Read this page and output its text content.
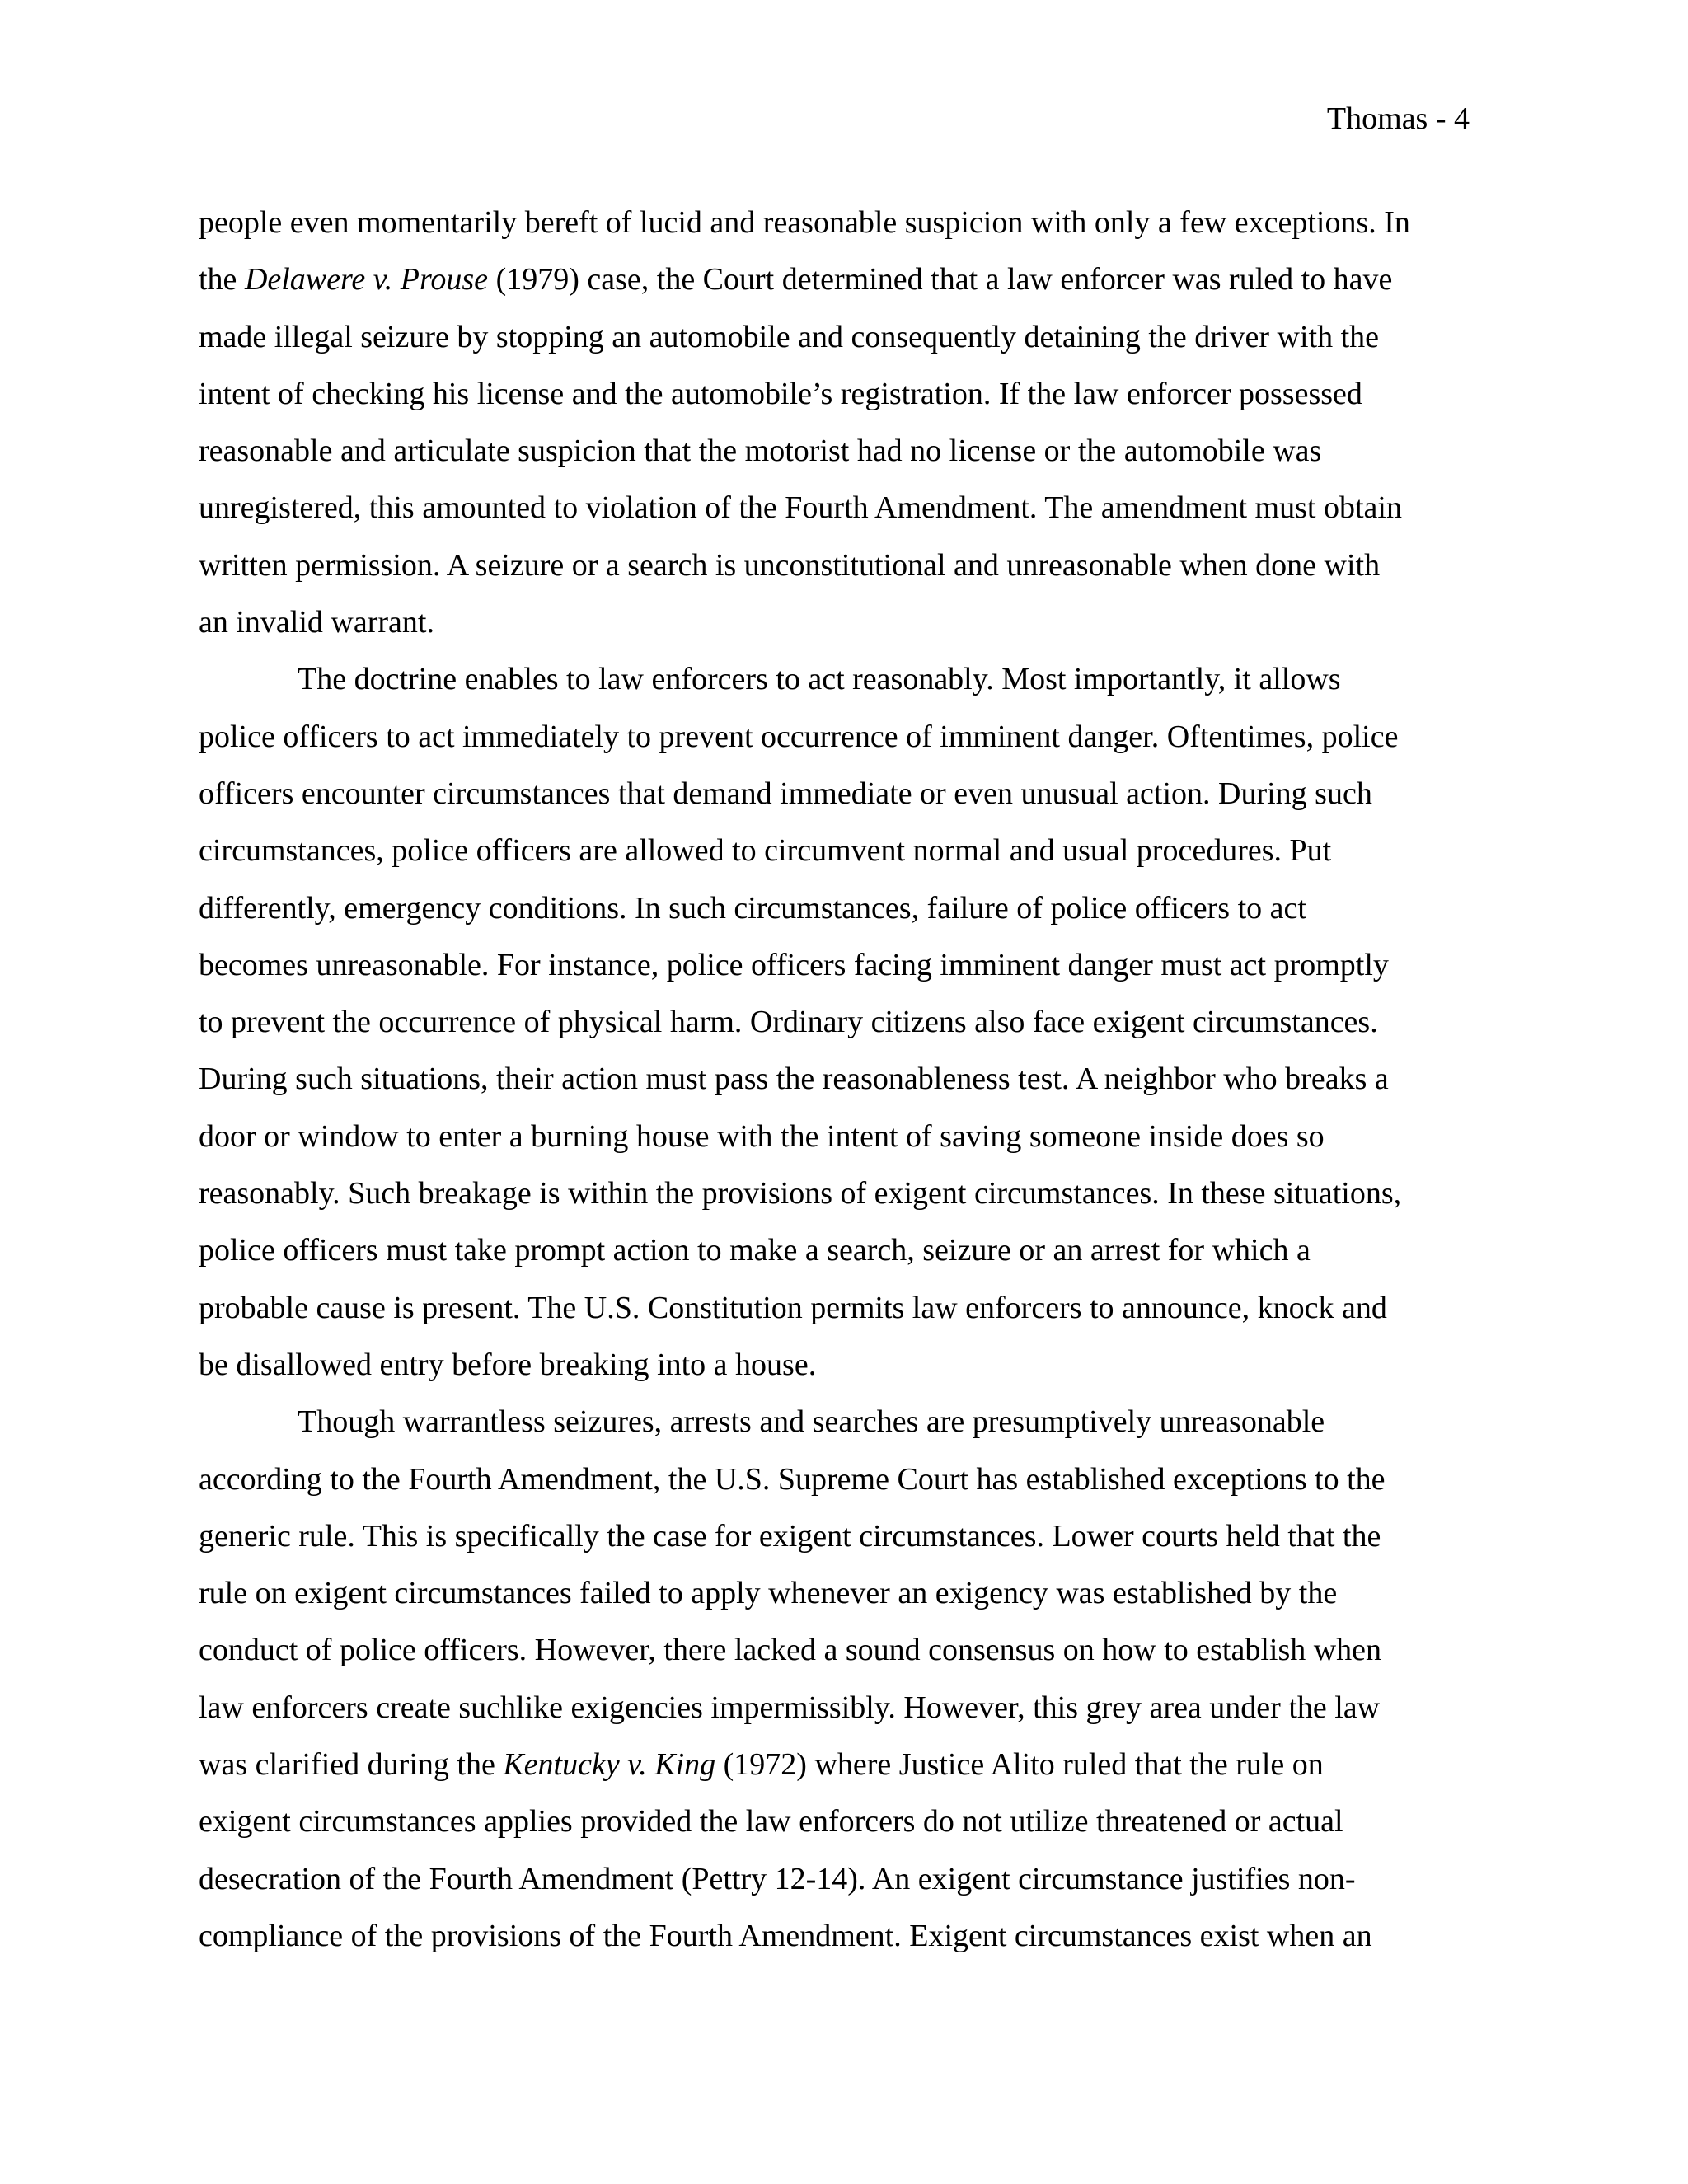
Thomas - 4
people even momentarily bereft of lucid and reasonable suspicion with only a few exceptions. In
the Delawere v. Prouse (1979) case, the Court determined that a law enforcer was ruled to have
made illegal seizure by stopping an automobile and consequently detaining the driver with the
intent of checking his license and the automobile’s registration. If the law enforcer possessed
reasonable and articulate suspicion that the motorist had no license or the automobile was
unregistered, this amounted to violation of the Fourth Amendment. The amendment must obtain
written permission. A seizure or a search is unconstitutional and unreasonable when done with
an invalid warrant.
The doctrine enables to law enforcers to act reasonably. Most importantly, it allows
police officers to act immediately to prevent occurrence of imminent danger. Oftentimes, police
officers encounter circumstances that demand immediate or even unusual action. During such
circumstances, police officers are allowed to circumvent normal and usual procedures. Put
differently, emergency conditions. In such circumstances, failure of police officers to act
becomes unreasonable. For instance, police officers facing imminent danger must act promptly
to prevent the occurrence of physical harm. Ordinary citizens also face exigent circumstances.
During such situations, their action must pass the reasonableness test. A neighbor who breaks a
door or window to enter a burning house with the intent of saving someone inside does so
reasonably. Such breakage is within the provisions of exigent circumstances. In these situations,
police officers must take prompt action to make a search, seizure or an arrest for which a
probable cause is present. The U.S. Constitution permits law enforcers to announce, knock and
be disallowed entry before breaking into a house.
Though warrantless seizures, arrests and searches are presumptively unreasonable
according to the Fourth Amendment, the U.S. Supreme Court has established exceptions to the
generic rule. This is specifically the case for exigent circumstances. Lower courts held that the
rule on exigent circumstances failed to apply whenever an exigency was established by the
conduct of police officers. However, there lacked a sound consensus on how to establish when
law enforcers create suchlike exigencies impermissibly. However, this grey area under the law
was clarified during the Kentucky v. King (1972) where Justice Alito ruled that the rule on
exigent circumstances applies provided the law enforcers do not utilize threatened or actual
desecration of the Fourth Amendment (Pettry 12-14). An exigent circumstance justifies non-
compliance of the provisions of the Fourth Amendment. Exigent circumstances exist when an
